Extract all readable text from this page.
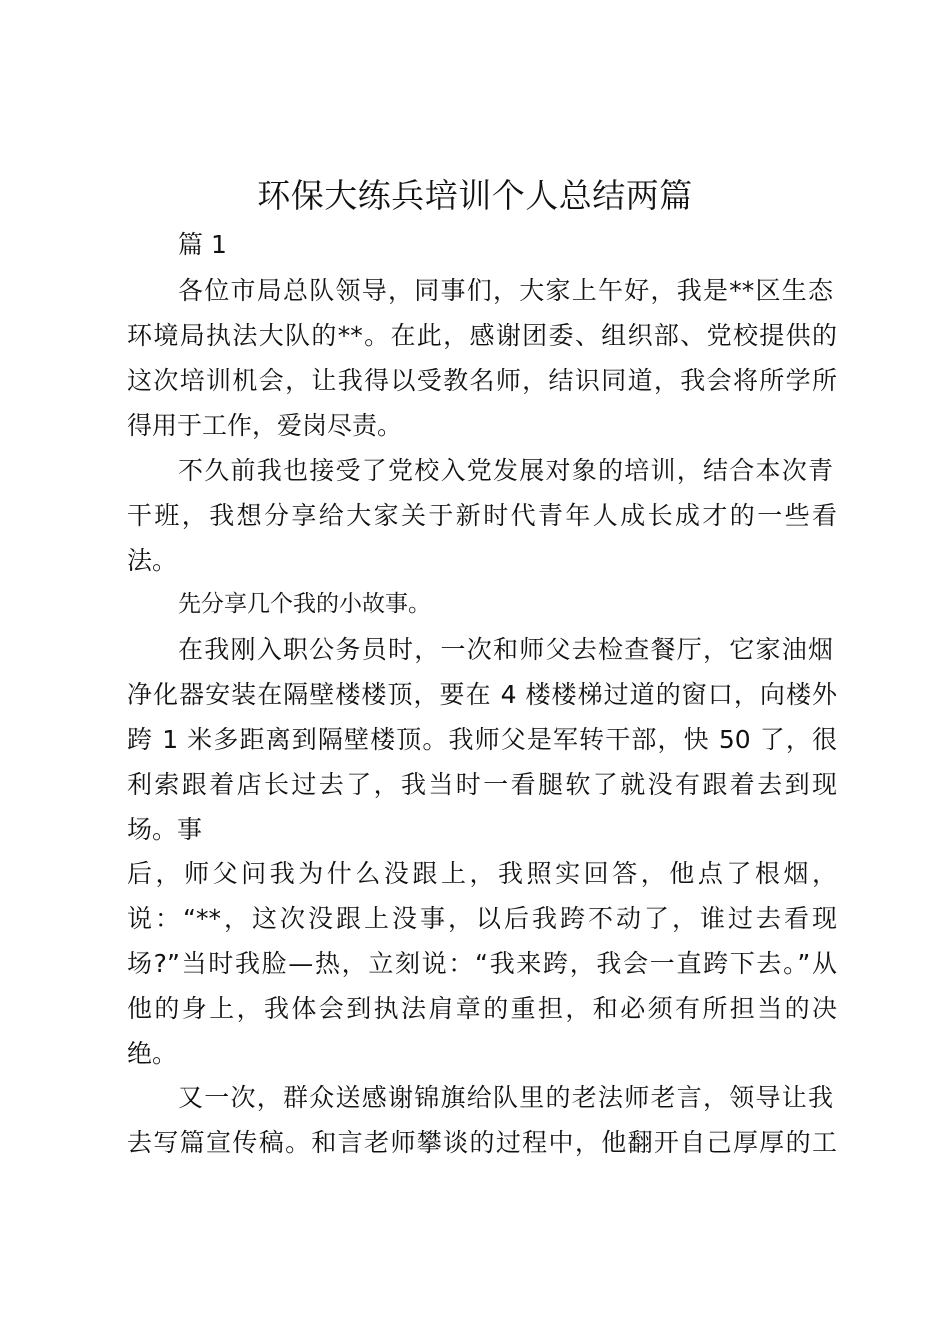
环保大练兵培训个人总结两篇

篇 1

各位市局总队领导，同事们，大家上午好，我是**区生态

环境局执法大队的**。在此，感谢团委、组织部、党校提供的

这次培训机会，让我得以受教名师，结识同道，我会将所学所

得用于工作，爱岗尽责。

不久前我也接受了党校入党发展对象的培训，结合本次青

干班，我想分享给大家关于新时代青年人成长成才的一些看

法。

先分享几个我的小故事。

在我刚入职公务员时，一次和师父去检查餐厅，它家油烟

净化器安装在隔壁楼楼顶，要在 4 楼楼梯过道的窗口，向楼外

跨 1 米多距离到隔壁楼顶。我师父是军转干部，快 50 了，很

利索跟着店长过去了，我当时一看腿软了就没有跟着去到现

场。事

后，师父问我为什么没跟上，我照实回答，他点了根烟，

说：“**，这次没跟上没事，以后我跨不动了，谁过去看现

场?”当时我脸—热，立刻说：“我来跨，我会一直跨下去。”从

他的身上，我体会到执法肩章的重担，和必须有所担当的决

绝。

又一次，群众送感谢锦旗给队里的老法师老言，领导让我

去写篇宣传稿。和言老师攀谈的过程中，他翻开自己厚厚的工
